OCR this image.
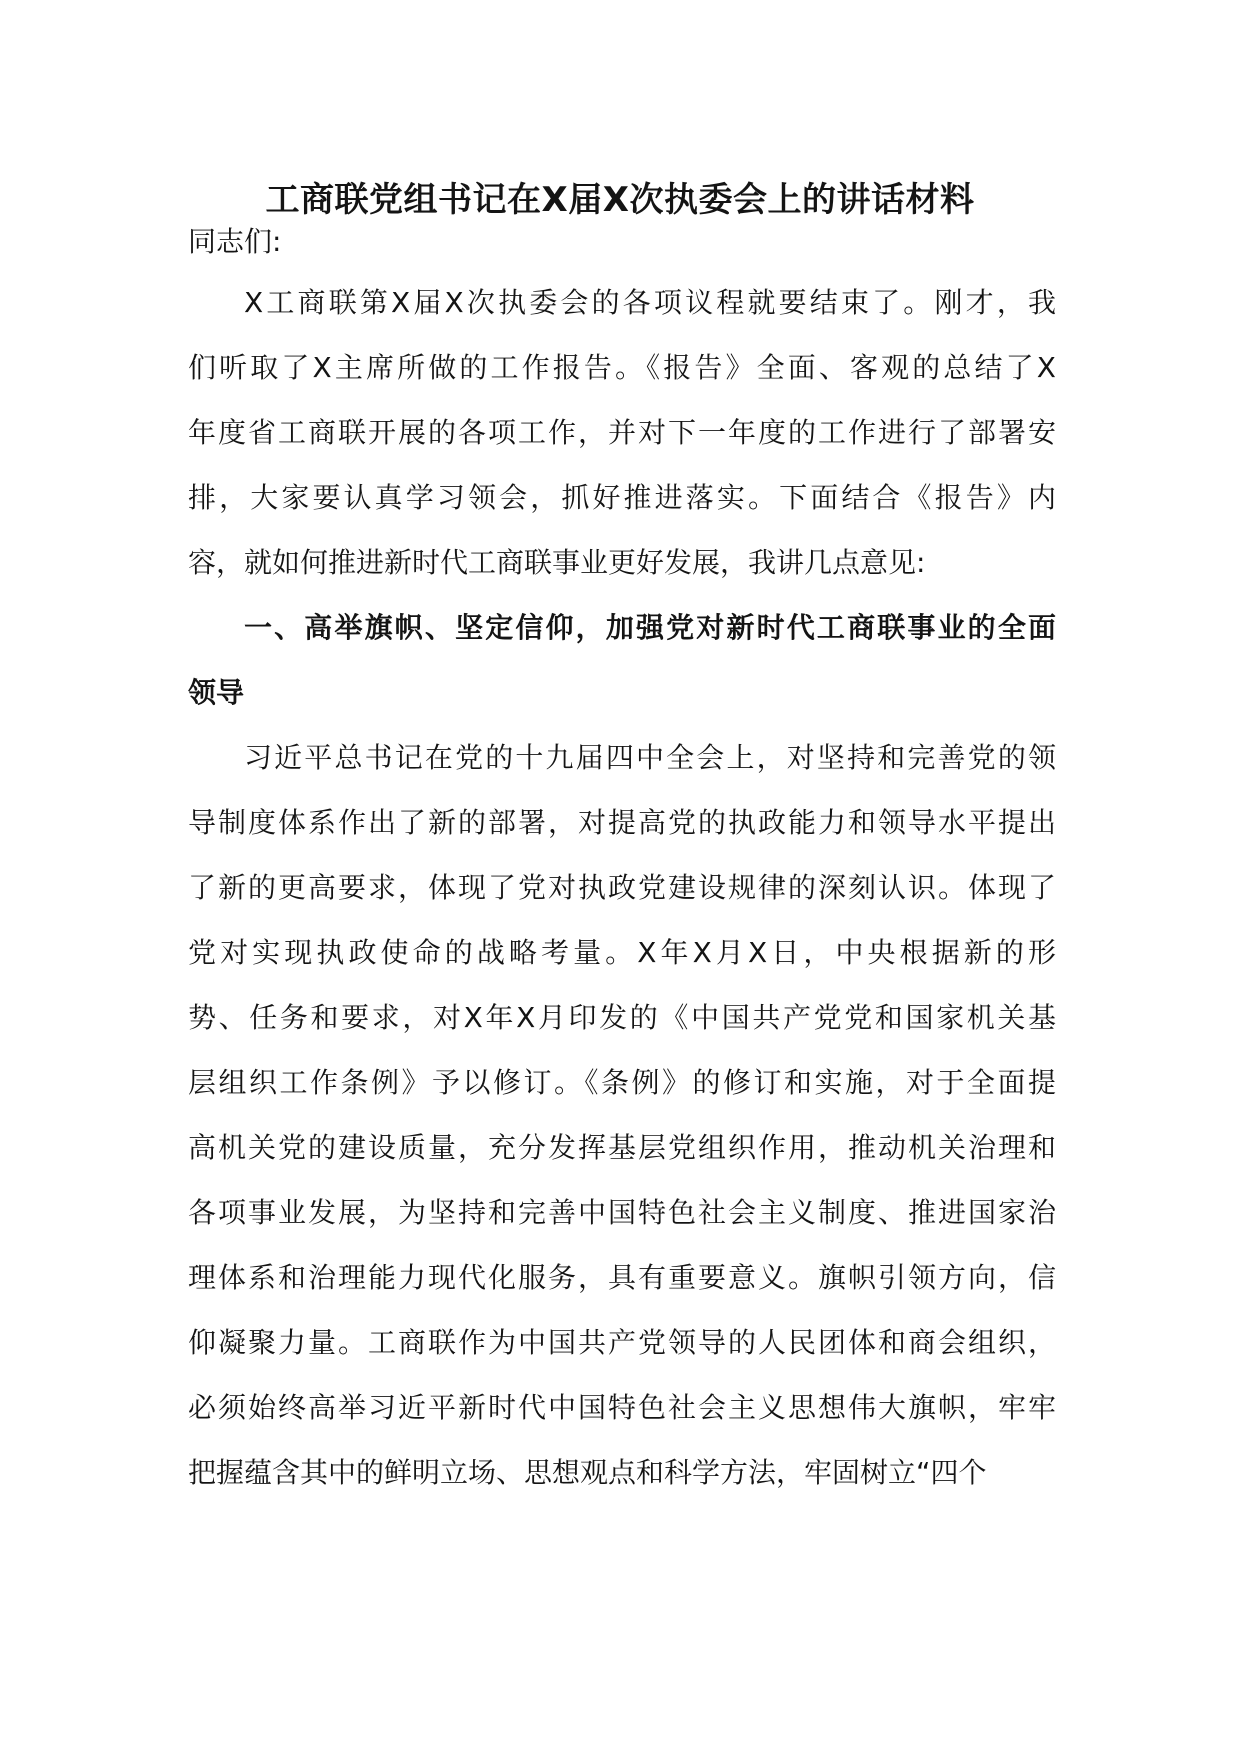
工商联党组书记在X届X次执委会上的讲话材料
同志们:
X工商联第X届X次执委会的各项议程就要结束了。刚才，我
们听取了X主席所做的工作报告。《报告》全面、客观的总结了X
年度省工商联开展的各项工作，并对下一年度的工作进行了部署安
排，大家要认真学习领会，抓好推进落实。下面结合《报告》内
容，就如何推进新时代工商联事业更好发展，我讲几点意见:
一、高举旗帜、坚定信仰，加强党对新时代工商联事业的全面
领导
习近平总书记在党的十九届四中全会上，对坚持和完善党的领
导制度体系作出了新的部署，对提高党的执政能力和领导水平提出
了新的更高要求，体现了党对执政党建设规律的深刻认识。体现了
党对实现执政使命的战略考量。X年X月X日，中央根据新的形
势、任务和要求，对X年X月印发的《中国共产党党和国家机关基
层组织工作条例》予以修订。《条例》的修订和实施，对于全面提
高机关党的建设质量，充分发挥基层党组织作用，推动机关治理和
各项事业发展，为坚持和完善中国特色社会主义制度、推进国家治
理体系和治理能力现代化服务，具有重要意义。旗帜引领方向，信
仰凝聚力量。工商联作为中国共产党领导的人民团体和商会组织，
必须始终高举习近平新时代中国特色社会主义思想伟大旗帜，牢牢
把握蕴含其中的鲜明立场、思想观点和科学方法，牢固树立“四个
